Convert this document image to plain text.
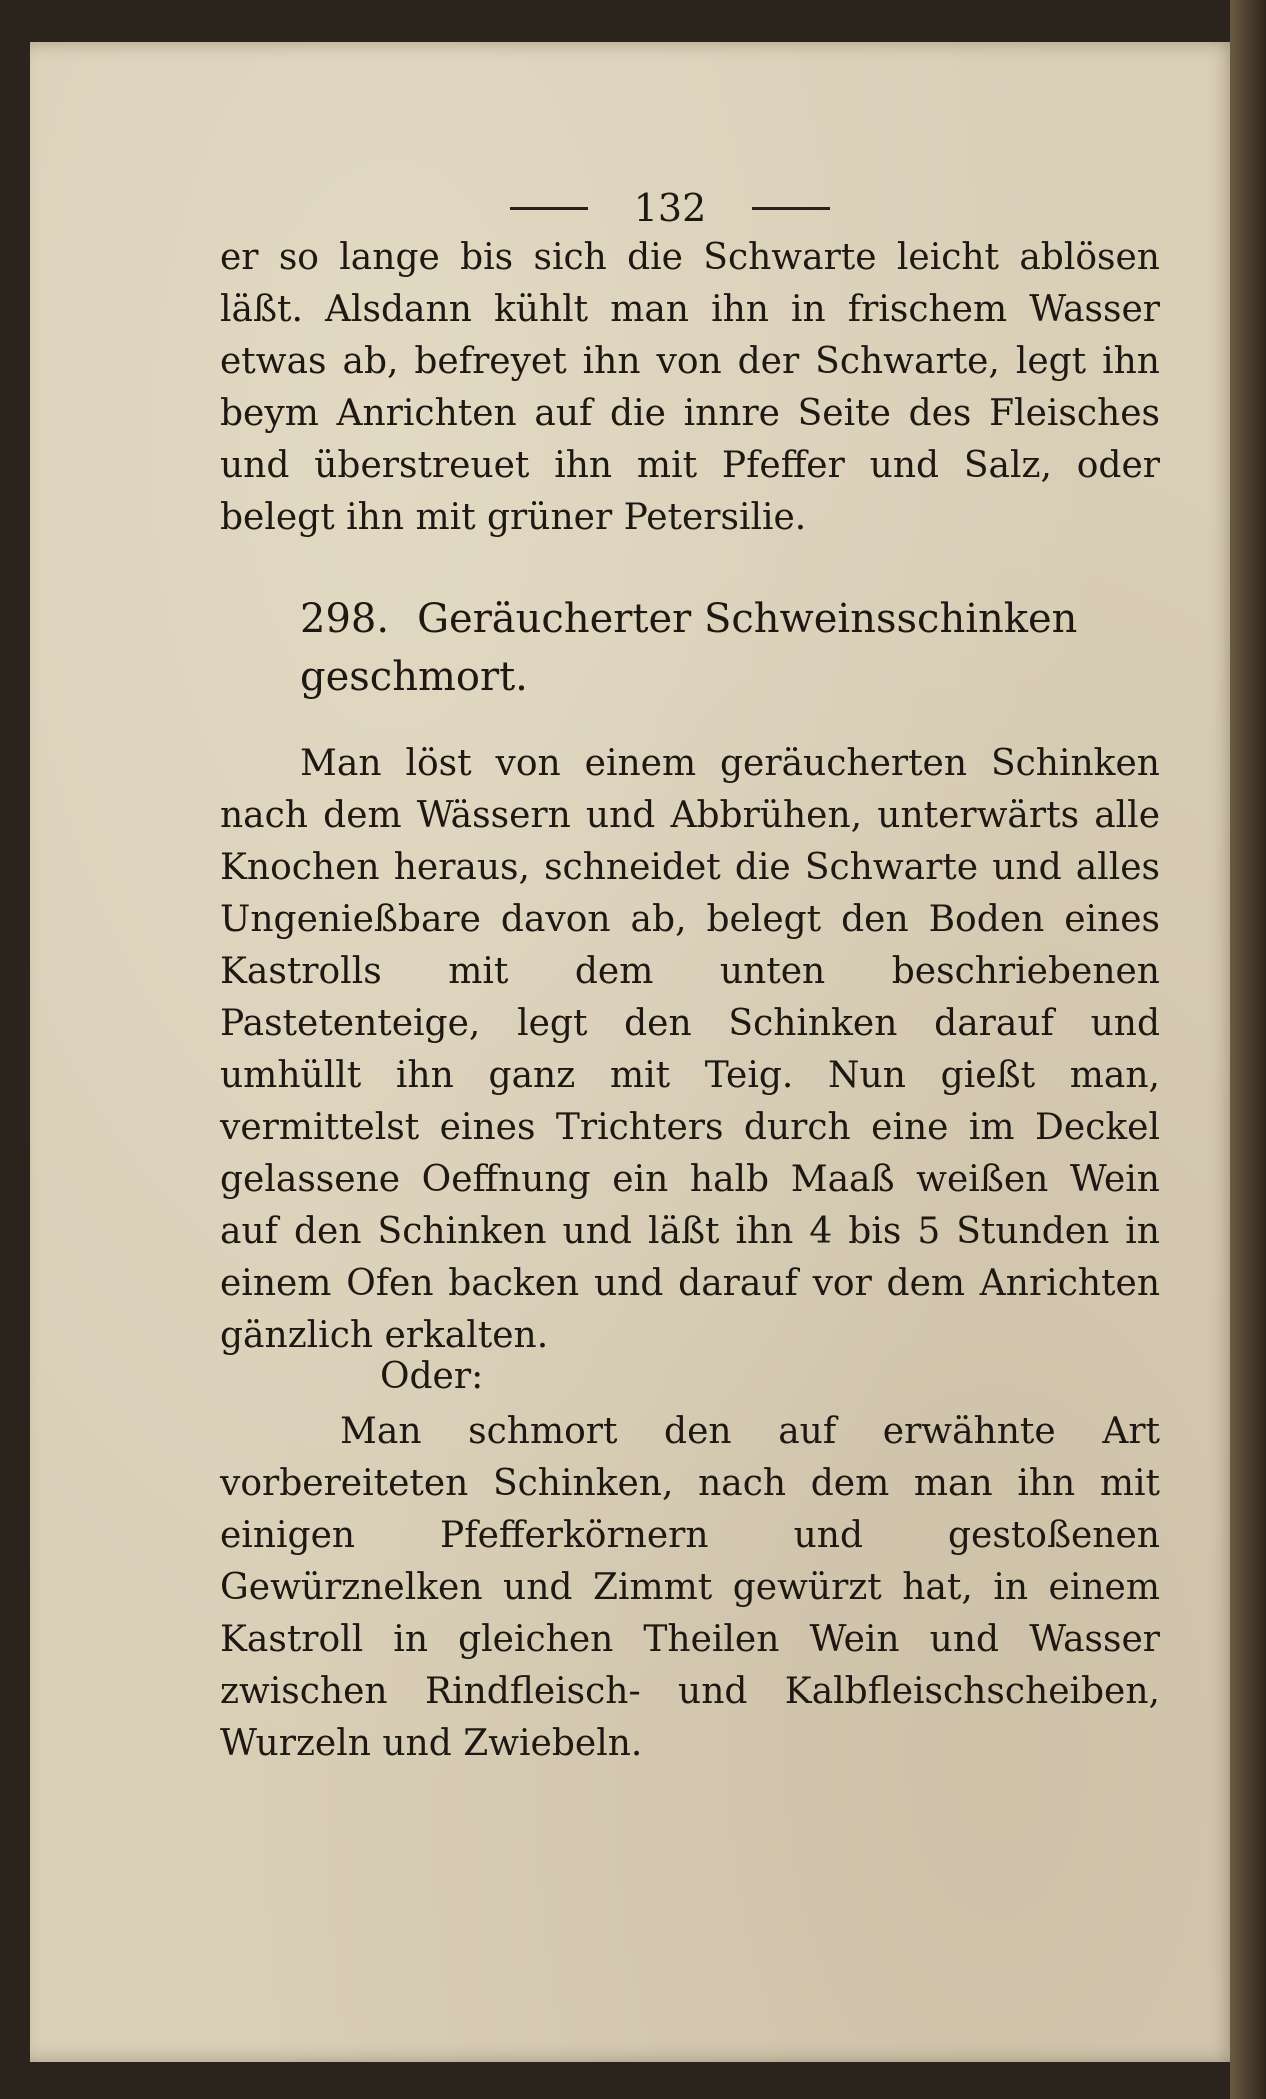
132

er so lange bis sich die Schwarte leicht ablösen läßt. Alsdann kühlt man ihn in frischem Wasser etwas ab, befreyet ihn von der Schwarte, legt ihn beym Anrichten auf die innre Seite des Fleisches und überstreuet ihn mit Pfeffer und Salz, oder belegt ihn mit grüner Petersilie.

298. Geräucherter Schweinsschinken geschmort.

Man löst von einem geräucherten Schinken nach dem Wässern und Abbrühen, unterwärts alle Knochen heraus, schneidet die Schwarte und alles Ungenießbare davon ab, belegt den Boden eines Kastrolls mit dem unten beschriebenen Pastetenteige, legt den Schinken darauf und umhüllt ihn ganz mit Teig. Nun gießt man, vermittelst eines Trichters durch eine im Deckel gelassene Oeffnung ein halb Maaß weißen Wein auf den Schinken und läßt ihn 4 bis 5 Stunden in einem Ofen backen und darauf vor dem Anrichten gänzlich erkalten.

Oder:

Man schmort den auf erwähnte Art vorbereiteten Schinken, nach dem man ihn mit einigen Pfefferkörnern und gestoßenen Gewürznelken und Zimmt gewürzt hat, in einem Kastroll in gleichen Theilen Wein und Wasser zwischen Rindfleisch- und Kalbfleischscheiben, Wurzeln und Zwiebeln.
